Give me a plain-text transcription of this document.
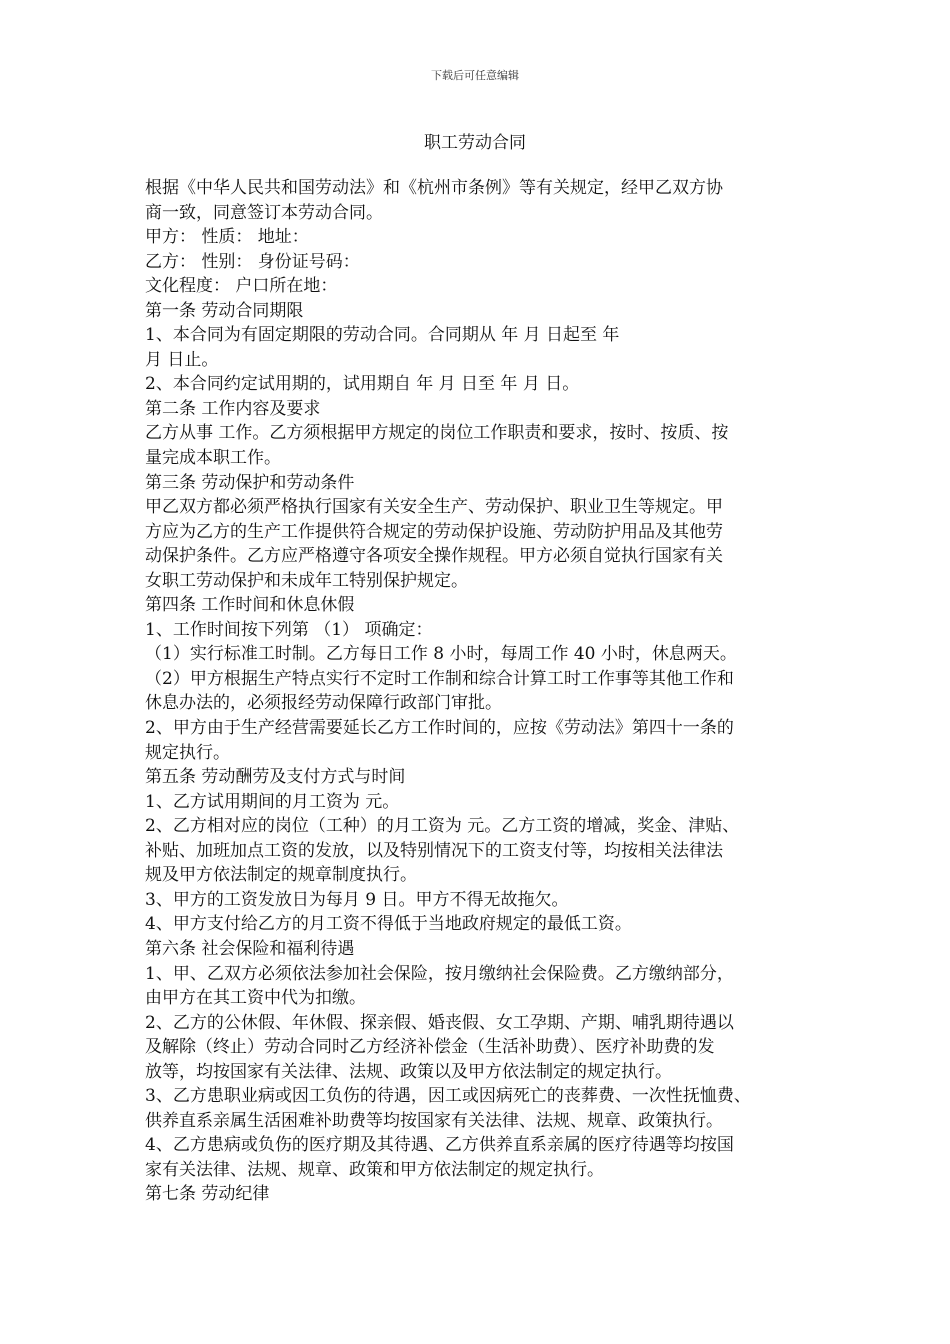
下载后可任意编辑
职工劳动合同
根据《中华人民共和国劳动法》和《杭州市条例》等有关规定，经甲乙双方协
商一致，同意签订本劳动合同。
甲方： 性质： 地址：
乙方： 性别： 身份证号码：
文化程度： 户口所在地：
第一条 劳动合同期限
1、本合同为有固定期限的劳动合同。合同期从 年 月 日起至 年
月 日止。
2、本合同约定试用期的，试用期自 年 月 日至 年 月 日。
第二条 工作内容及要求
乙方从事 工作。乙方须根据甲方规定的岗位工作职责和要求，按时、按质、按
量完成本职工作。
第三条 劳动保护和劳动条件
甲乙双方都必须严格执行国家有关安全生产、劳动保护、职业卫生等规定。甲
方应为乙方的生产工作提供符合规定的劳动保护设施、劳动防护用品及其他劳
动保护条件。乙方应严格遵守各项安全操作规程。甲方必须自觉执行国家有关
女职工劳动保护和未成年工特别保护规定。
第四条 工作时间和休息休假
1、工作时间按下列第 （1） 项确定：
（1）实行标准工时制。乙方每日工作 8 小时，每周工作 40 小时，休息两天。
（2）甲方根据生产特点实行不定时工作制和综合计算工时工作事等其他工作和
休息办法的，必须报经劳动保障行政部门审批。
2、甲方由于生产经营需要延长乙方工作时间的，应按《劳动法》第四十一条的
规定执行。
第五条 劳动酬劳及支付方式与时间
1、乙方试用期间的月工资为 元。
2、乙方相对应的岗位（工种）的月工资为 元。乙方工资的增减，奖金、津贴、
补贴、加班加点工资的发放，以及特别情况下的工资支付等，均按相关法律法
规及甲方依法制定的规章制度执行。
3、甲方的工资发放日为每月 9 日。甲方不得无故拖欠。
4、甲方支付给乙方的月工资不得低于当地政府规定的最低工资。
第六条 社会保险和福利待遇
1、甲、乙双方必须依法参加社会保险，按月缴纳社会保险费。乙方缴纳部分，
由甲方在其工资中代为扣缴。
2、乙方的公休假、年休假、探亲假、婚丧假、女工孕期、产期、哺乳期待遇以
及解除（终止）劳动合同时乙方经济补偿金（生活补助费）、医疗补助费的发
放等，均按国家有关法律、法规、政策以及甲方依法制定的规定执行。
3、乙方患职业病或因工负伤的待遇，因工或因病死亡的丧葬费、一次性抚恤费、
供养直系亲属生活困难补助费等均按国家有关法律、法规、规章、政策执行。
4、乙方患病或负伤的医疗期及其待遇、乙方供养直系亲属的医疗待遇等均按国
家有关法律、法规、规章、政策和甲方依法制定的规定执行。
第七条 劳动纪律
